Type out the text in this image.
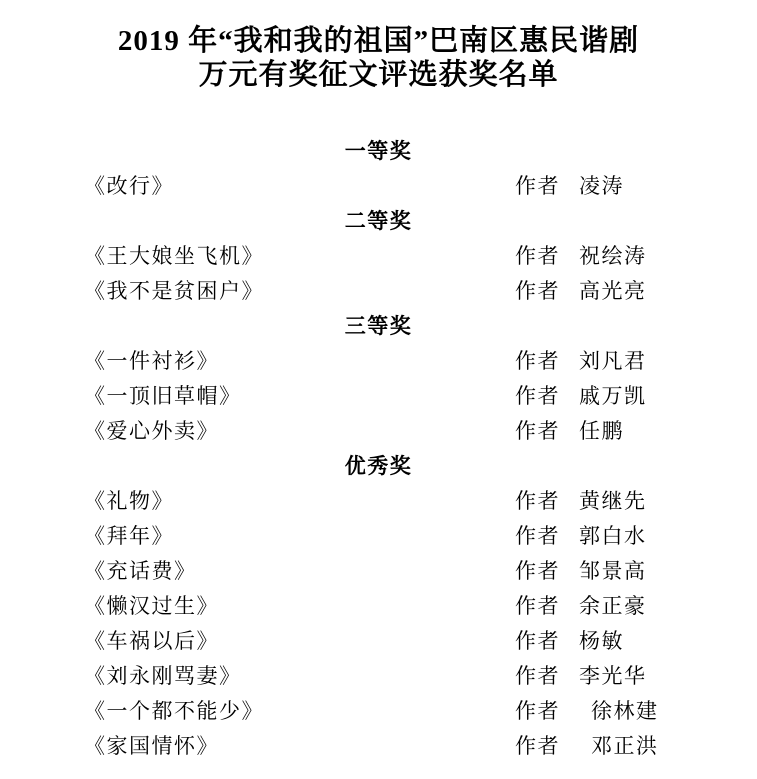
2019 年“我和我的祖国”巴南区惠民谐剧
万元有奖征文评选获奖名单
一等奖
《改行》	作者 凌涛
二等奖
《王大娘坐飞机》	作者 祝绘涛
《我不是贫困户》	作者 高光亮
三等奖
《一件衬衫》	作者 刘凡君
《一顶旧草帽》	作者 戚万凯
《爱心外卖》	作者 任鹏
优秀奖
《礼物》	作者 黄继先
《拜年》	作者 郭白水
《充话费》	作者 邹景高
《懒汉过生》	作者 余正豪
《车祸以后》	作者 杨敏
《刘永刚骂妻》	作者 李光华
《一个都不能少》	作者 徐林建
《家国情怀》	作者 邓正洪
